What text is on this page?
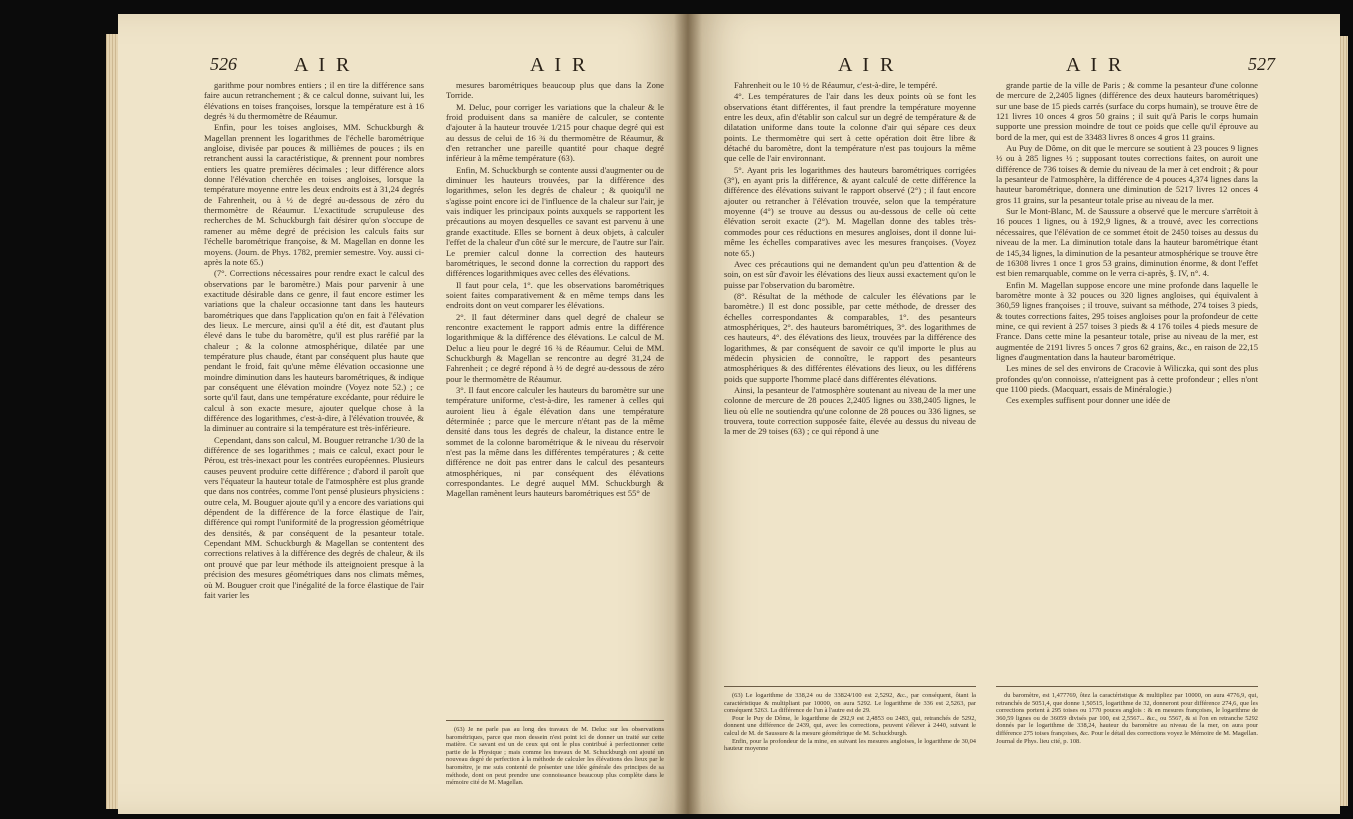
526	A I R	A I R

garithme pour nombres entiers ; il en tire la différence sans faire aucun retranchement ; & ce calcul donne, suivant lui, les élévations en toises françoises, lorsque la température est à 16 degrés ¾ du thermomètre de Réaumur.

Enfin, pour les toises angloises, MM. Schuckburgh & Magellan prennent les logarithmes de l'échelle barométrique angloise, divisée par pouces & millièmes de pouces ; ils en retranchent aussi la caractéristique, & prennent pour nombres entiers les quatre premières décimales ; leur différence alors donne l'élévation cherchée en toises angloises, lorsque la température moyenne entre les deux endroits est à 31,24 degrés de Fahrenheit, ou à ½ de degré au-dessous de zéro du thermomètre de Réaumur. L'exactitude scrupuleuse des recherches de M. Schuckburgh fait désirer qu'on s'occupe de ramener au même degré de précision les calculs faits sur l'échelle barométrique françoise, & M. Magellan en donne les moyens. (Journ. de Phys. 1782, premier semestre. Voy. aussi ci-après la note 65.)

(7°. Corrections nécessaires pour rendre exact le calcul des observations par le baromètre.) Mais pour parvenir à une exactitude désirable dans ce genre, il faut encore estimer les variations que la chaleur occasionne tant dans les hauteurs barométriques que dans l'application qu'on en fait à l'élévation des lieux. Le mercure, ainsi qu'il a été dit, est d'autant plus élevé dans le tube du baromètre, qu'il est plus raréfié par la chaleur ; & la colonne atmosphérique, dilatée par une température plus chaude, étant par conséquent plus haute que pendant le froid, fait qu'une même élévation occasionne une moindre diminution dans les hauteurs barométriques, & indique par conséquent une élévation moindre (Voyez note 52.) ; ce sorte qu'il faut, dans une température excédante, pour réduire le calcul à son exacte mesure, ajouter quelque chose à la différence des logarithmes, c'est-à-dire, à l'élévation trouvée, & la diminuer au contraire si la température est très-inférieure.

Cependant, dans son calcul, M. Bouguer retranche 1/30 de la différence de ses logarithmes ; mais ce calcul, exact pour le Pérou, est très-inexact pour les contrées européennes. Plusieurs causes peuvent produire cette différence ; d'abord il paroît que vers l'équateur la hauteur totale de l'atmosphère est plus grande que dans nos contrées, comme l'ont pensé plusieurs physiciens : outre cela, M. Bouguer ajoute qu'il y a encore des variations qui dépendent de la différence de la force élastique de l'air, différence qui rompt l'uniformité de la progression géométrique des densités, & par conséquent de la pesanteur totale. Cependant MM. Schuckburgh & Magellan se contentent des corrections relatives à la différence des degrés de chaleur, & ils ont prouvé que par leur méthode ils atteignoient presque à la précision des mesures géométriques dans nos climats mêmes, où M. Bouguer croit que l'inégalité de la force élastique de l'air fait varier les

mesures barométriques beaucoup plus que dans la Zone Torride.

M. Deluc, pour corriger les variations que la chaleur & le froid produisent dans sa manière de calculer, se contente d'ajouter à la hauteur trouvée 1/215 pour chaque degré qui est au dessus de celui de 16 ¾ du thermomètre de Réaumur, & d'en retrancher une pareille quantité pour chaque degré inférieur à la même température (63).

Enfin, M. Schuckburgh se contente aussi d'augmenter ou de diminuer les hauteurs trouvées, par la différence des logarithmes, selon les degrés de chaleur ; & quoiqu'il ne s'agisse point encore ici de l'influence de la chaleur sur l'air, je vais indiquer les principaux points auxquels se rapportent les précautions au moyen desquelles ce savant est parvenu à une grande exactitude. Elles se bornent à deux objets, à calculer l'effet de la chaleur d'un côté sur le mercure, de l'autre sur l'air. Le premier calcul donne la correction des hauteurs barométriques, le second donne la correction du rapport des différences logarithmiques avec celles des élévations.

Il faut pour cela, 1°. que les observations barométriques soient faites comparativement & en même temps dans les endroits dont on veut comparer les élévations.

2°. Il faut déterminer dans quel degré de chaleur se rencontre exactement le rapport admis entre la différence logarithmique & la différence des élévations. Le calcul de M. Deluc a lieu pour le degré 16 ¾ de Réaumur. Celui de MM. Schuckburgh & Magellan se rencontre au degré 31,24 de Fahrenheit ; ce degré répond à ½ de degré au-dessous de zéro pour le thermomètre de Réaumur.

3°. Il faut encore calculer les hauteurs du baromètre sur une température uniforme, c'est-à-dire, les ramener à celles qui auroient lieu à égale élévation dans une température déterminée ; parce que le mercure n'étant pas de la même densité dans tous les degrés de chaleur, la distance entre le sommet de la colonne barométrique & le niveau du réservoir n'est pas la même dans les différentes températures ; & cette différence ne doit pas entrer dans le calcul des pesanteurs atmosphériques, ni par conséquent des élévations correspondantes. Le degré auquel MM. Schuckburgh & Magellan ramènent leurs hauteurs barométriques est 55° de

(63) Je ne parle pas au long des travaux de M. Deluc sur les observations barométriques, parce que mon dessein n'est point ici de donner un traité sur cette matière. Ce savant est un de ceux qui ont le plus contribué à perfectionner cette partie de la Physique ; mais comme les travaux de M. Schuckburgh ont ajouté un nouveau degré de perfection à la méthode de calculer les élévations des lieux par le baromètre, je me suis contenté de présenter une idée générale des principes de sa méthode, dont on peut prendre une connoissance beaucoup plus complète dans le mémoire cité de M. Magellan.

A I R	A I R	527

Fahrenheit ou le 10 ½ de Réaumur, c'est-à-dire, le tempéré.

4°. Les températures de l'air dans les deux points où se font les observations étant différentes, il faut prendre la température moyenne entre les deux, afin d'établir son calcul sur un degré de température & de dilatation uniforme dans toute la colonne d'air qui sépare ces deux points. Le thermomètre qui sert à cette opération doit être libre & détaché du baromètre, dont la température n'est pas toujours la même que celle de l'air environnant.

5°. Ayant pris les logarithmes des hauteurs barométriques corrigées (3°), en ayant pris la différence, & ayant calculé de cette différence la différence des élévations suivant le rapport observé (2°) ; il faut encore ajouter ou retrancher à l'élévation trouvée, selon que la température moyenne (4°) se trouve au dessus ou au-dessous de celle où cette élévation seroit exacte (2°). M. Magellan donne des tables très-commodes pour ces réductions en mesures angloises, dont il donne lui-même les échelles comparatives avec les mesures françoises. (Voyez note 65.)

Avec ces précautions qui ne demandent qu'un peu d'attention & de soin, on est sûr d'avoir les élévations des lieux aussi exactement qu'on le puisse par l'observation du baromètre.

(8°. Résultat de la méthode de calculer les élévations par le baromètre.) Il est donc possible, par cette méthode, de dresser des échelles correspondantes & comparables, 1°. des pesanteurs atmosphériques, 2°. des hauteurs barométriques, 3°. des logarithmes de ces hauteurs, 4°. des élévations des lieux, trouvées par la différence des logarithmes, & par conséquent de savoir ce qu'il importe le plus au médecin physicien de connoître, le rapport des pesanteurs atmosphériques & des différentes élévations des lieux, ou les différens poids que supporte l'homme placé dans différentes élévations.

Ainsi, la pesanteur de l'atmosphère soutenant au niveau de la mer une colonne de mercure de 28 pouces 2,2405 lignes ou 338,2405 lignes, le lieu où elle ne soutiendra qu'une colonne de 28 pouces ou 336 lignes, se trouvera, toute correction supposée faite, élevée au dessus du niveau de la mer de 29 toises (63) ; ce qui répond à une

grande partie de la ville de Paris ; & comme la pesanteur d'une colonne de mercure de 2,2405 lignes (différence des deux hauteurs barométriques) sur une base de 15 pieds carrés (surface du corps humain), se trouve être de 121 livres 10 onces 4 gros 50 grains ; il suit qu'à Paris le corps humain supporte une pression moindre de tout ce poids que celle qu'il éprouve au bord de la mer, qui est de 33483 livres 8 onces 4 gros 11 grains.

Au Puy de Dôme, on dit que le mercure se soutient à 23 pouces 9 lignes ½ ou à 285 lignes ½ ; supposant toutes corrections faites, on auroit une différence de 736 toises & demie du niveau de la mer à cet endroit ; & pour la pesanteur de l'atmosphère, la différence de 4 pouces 4,374 lignes dans la hauteur barométrique, donnera une diminution de 5217 livres 12 onces 4 gros 11 grains, sur la pesanteur totale prise au niveau de la mer.

Sur le Mont-Blanc, M. de Saussure a observé que le mercure s'arrêtoit à 16 pouces 1 lignes, ou à 192,9 lignes, & a trouvé, avec les corrections nécessaires, que l'élévation de ce sommet étoit de 2450 toises au dessus du niveau de la mer. La diminution totale dans la hauteur barométrique étant de 145,34 lignes, la diminution de la pesanteur atmosphérique se trouve être de 16308 livres 1 once 1 gros 53 grains, diminution énorme, & dont l'effet est bien remarquable, comme on le verra ci-après, §. IV, n°. 4.

Enfin M. Magellan suppose encore une mine profonde dans laquelle le baromètre monte à 32 pouces ou 320 lignes angloises, qui équivalent à 360,59 lignes françoises ; il trouve, suivant sa méthode, 274 toises 3 pieds, & toutes corrections faites, 295 toises angloises pour la profondeur de cette mine, ce qui revient à 257 toises 3 pieds & 4 176 toiles 4 pieds mesure de France. Dans cette mine la pesanteur totale, prise au niveau de la mer, est augmentée de 2191 livres 5 onces 7 gros 62 grains, &c., en raison de 22,15 lignes d'augmentation dans la hauteur barométrique.

Les mines de sel des environs de Cracovie à Wiliczka, qui sont des plus profondes qu'on connoisse, n'atteignent pas à cette profondeur ; elles n'ont que 1100 pieds. (Macquart, essais de Minéralogie.)

Ces exemples suffisent pour donner une idée de

(63) Le logarithme de 338,24 ou de 33824/100 est 2,5292, &c., par conséquent, ôtant la caractéristique & multipliant par 10000, on aura 5292. Le logarithme de 336 est 2,5263, par conséquent 5263. La différence de l'un à l'autre est de 29.

Pour le Puy de Dôme, le logarithme de 292,9 est 2,4853 ou 2483, qui, retranchés de 5292, donnent une différence de 2439, qui, avec les corrections, peuvent s'élever à 2440, suivant le calcul de M. de Saussure & la mesure géométrique de M. Schuckburgh.

Enfin, pour la profondeur de la mine, en suivant les mesures angloises, le logarithme de 30,04 hauteur moyenne

du baromètre, est 1,477769, ôtez la caractéristique & multipliez par 10000, on aura 4776,9, qui, retranchés de 5051,4, que donne 1,50515, logarithme de 32, donneront pour différence 274,6, que les corrections portent à 295 toises ou 1770 pouces anglois : & en mesures françoises, le logarithme de 360,59 lignes ou de 36059 divisés par 100, est 2,5567... &c., ou 5567, & si l'on en retranche 5292 donnés par le logarithme de 338,24, hauteur du baromètre au niveau de la mer, on aura pour différence 275 toises françoises, &c. Pour le détail des corrections voyez le Mémoire de M. Magellan. Journal de Phys. lieu cité, p. 108.
